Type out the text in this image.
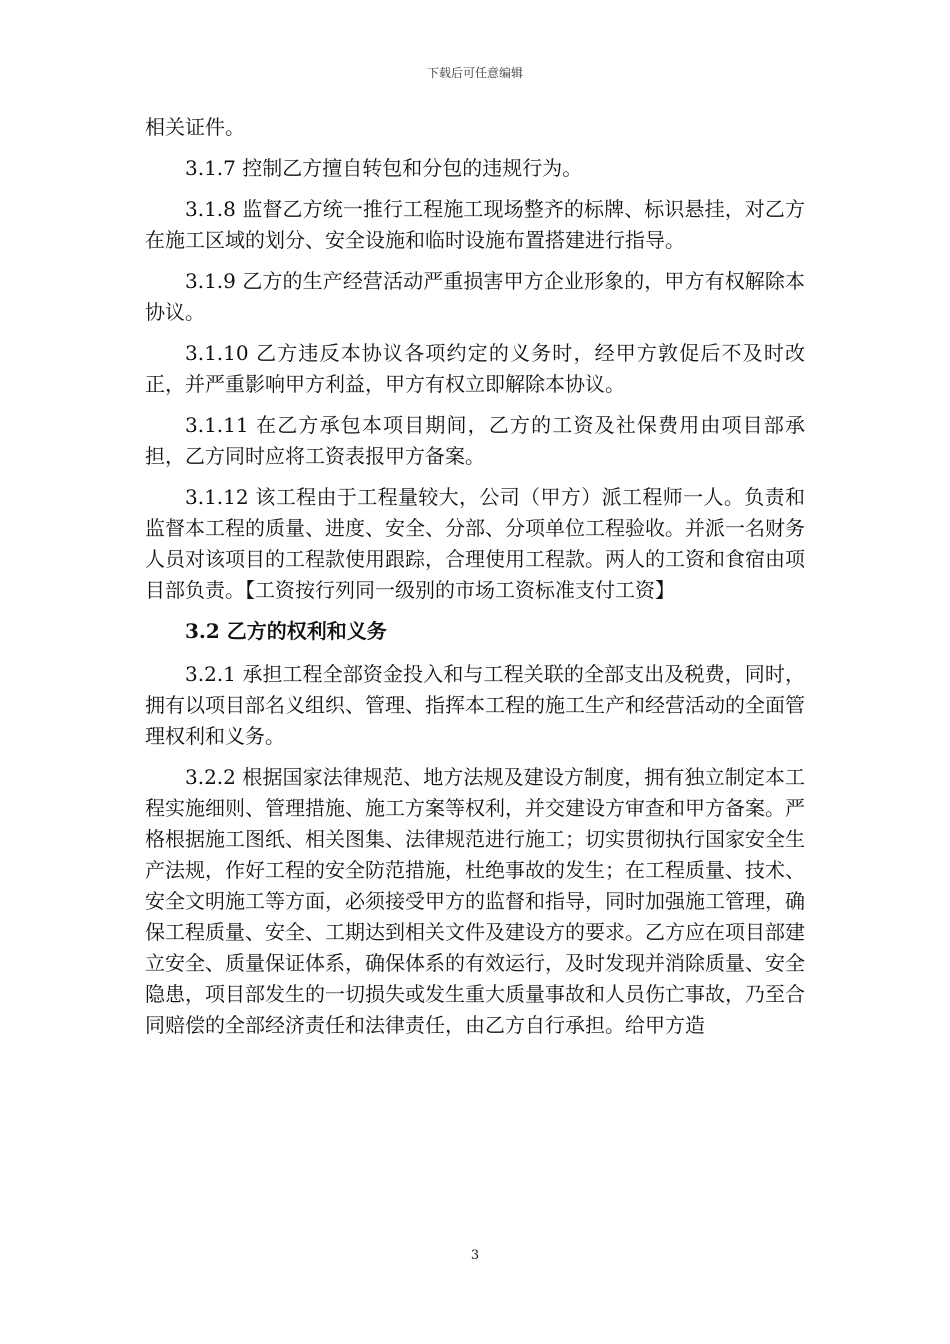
下载后可任意编辑

相关证件。

3.1.7 控制乙方擅自转包和分包的违规行为。

3.1.8 监督乙方统一推行工程施工现场整齐的标牌、标识悬挂，对乙方在施工区域的划分、安全设施和临时设施布置搭建进行指导。

3.1.9 乙方的生产经营活动严重损害甲方企业形象的，甲方有权解除本协议。

3.1.10 乙方违反本协议各项约定的义务时，经甲方敦促后不及时改正，并严重影响甲方利益，甲方有权立即解除本协议。

3.1.11 在乙方承包本项目期间，乙方的工资及社保费用由项目部承担，乙方同时应将工资表报甲方备案。

3.1.12 该工程由于工程量较大，公司（甲方）派工程师一人。负责和监督本工程的质量、进度、安全、分部、分项单位工程验收。并派一名财务人员对该项目的工程款使用跟踪，合理使用工程款。两人的工资和食宿由项目部负责。【工资按行列同一级别的市场工资标准支付工资】

3.2 乙方的权利和义务

3.2.1 承担工程全部资金投入和与工程关联的全部支出及税费，同时，拥有以项目部名义组织、管理、指挥本工程的施工生产和经营活动的全面管理权利和义务。

3.2.2 根据国家法律规范、地方法规及建设方制度，拥有独立制定本工程实施细则、管理措施、施工方案等权利，并交建设方审查和甲方备案。严格根据施工图纸、相关图集、法律规范进行施工；切实贯彻执行国家安全生产法规，作好工程的安全防范措施，杜绝事故的发生；在工程质量、技术、安全文明施工等方面，必须接受甲方的监督和指导，同时加强施工管理，确保工程质量、安全、工期达到相关文件及建设方的要求。乙方应在项目部建立安全、质量保证体系，确保体系的有效运行，及时发现并消除质量、安全隐患，项目部发生的一切损失或发生重大质量事故和人员伤亡事故，乃至合同赔偿的全部经济责任和法律责任，由乙方自行承担。给甲方造

3
